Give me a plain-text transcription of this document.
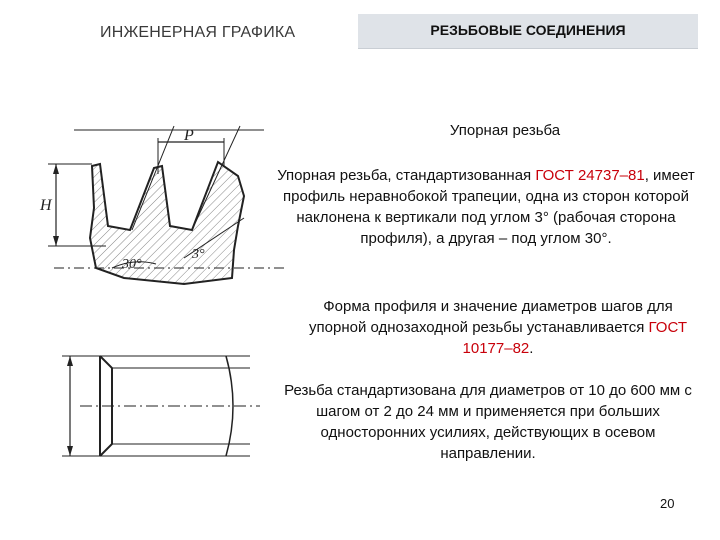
ИНЖЕНЕРНАЯ ГРАФИКА	РЕЗЬБОВЫЕ СОЕДИНЕНИЯ
P
H
30°
3°
Упорная резьба
Упорная резьба, стандартизованная ГОСТ 24737–81, имеет профиль неравнобокой трапеции, одна из сторон которой наклонена к вертикали под углом 3° (рабочая сторона профиля), а другая – под углом 30°.
Форма профиля и значение диаметров шагов для упорной однозаходной резьбы устанавливается ГОСТ 10177–82.
Резьба стандартизована для диаметров от 10 до 600 мм с шагом от 2 до 24 мм и применяется при больших односторонних усилиях, действующих в осевом направлении.
20
